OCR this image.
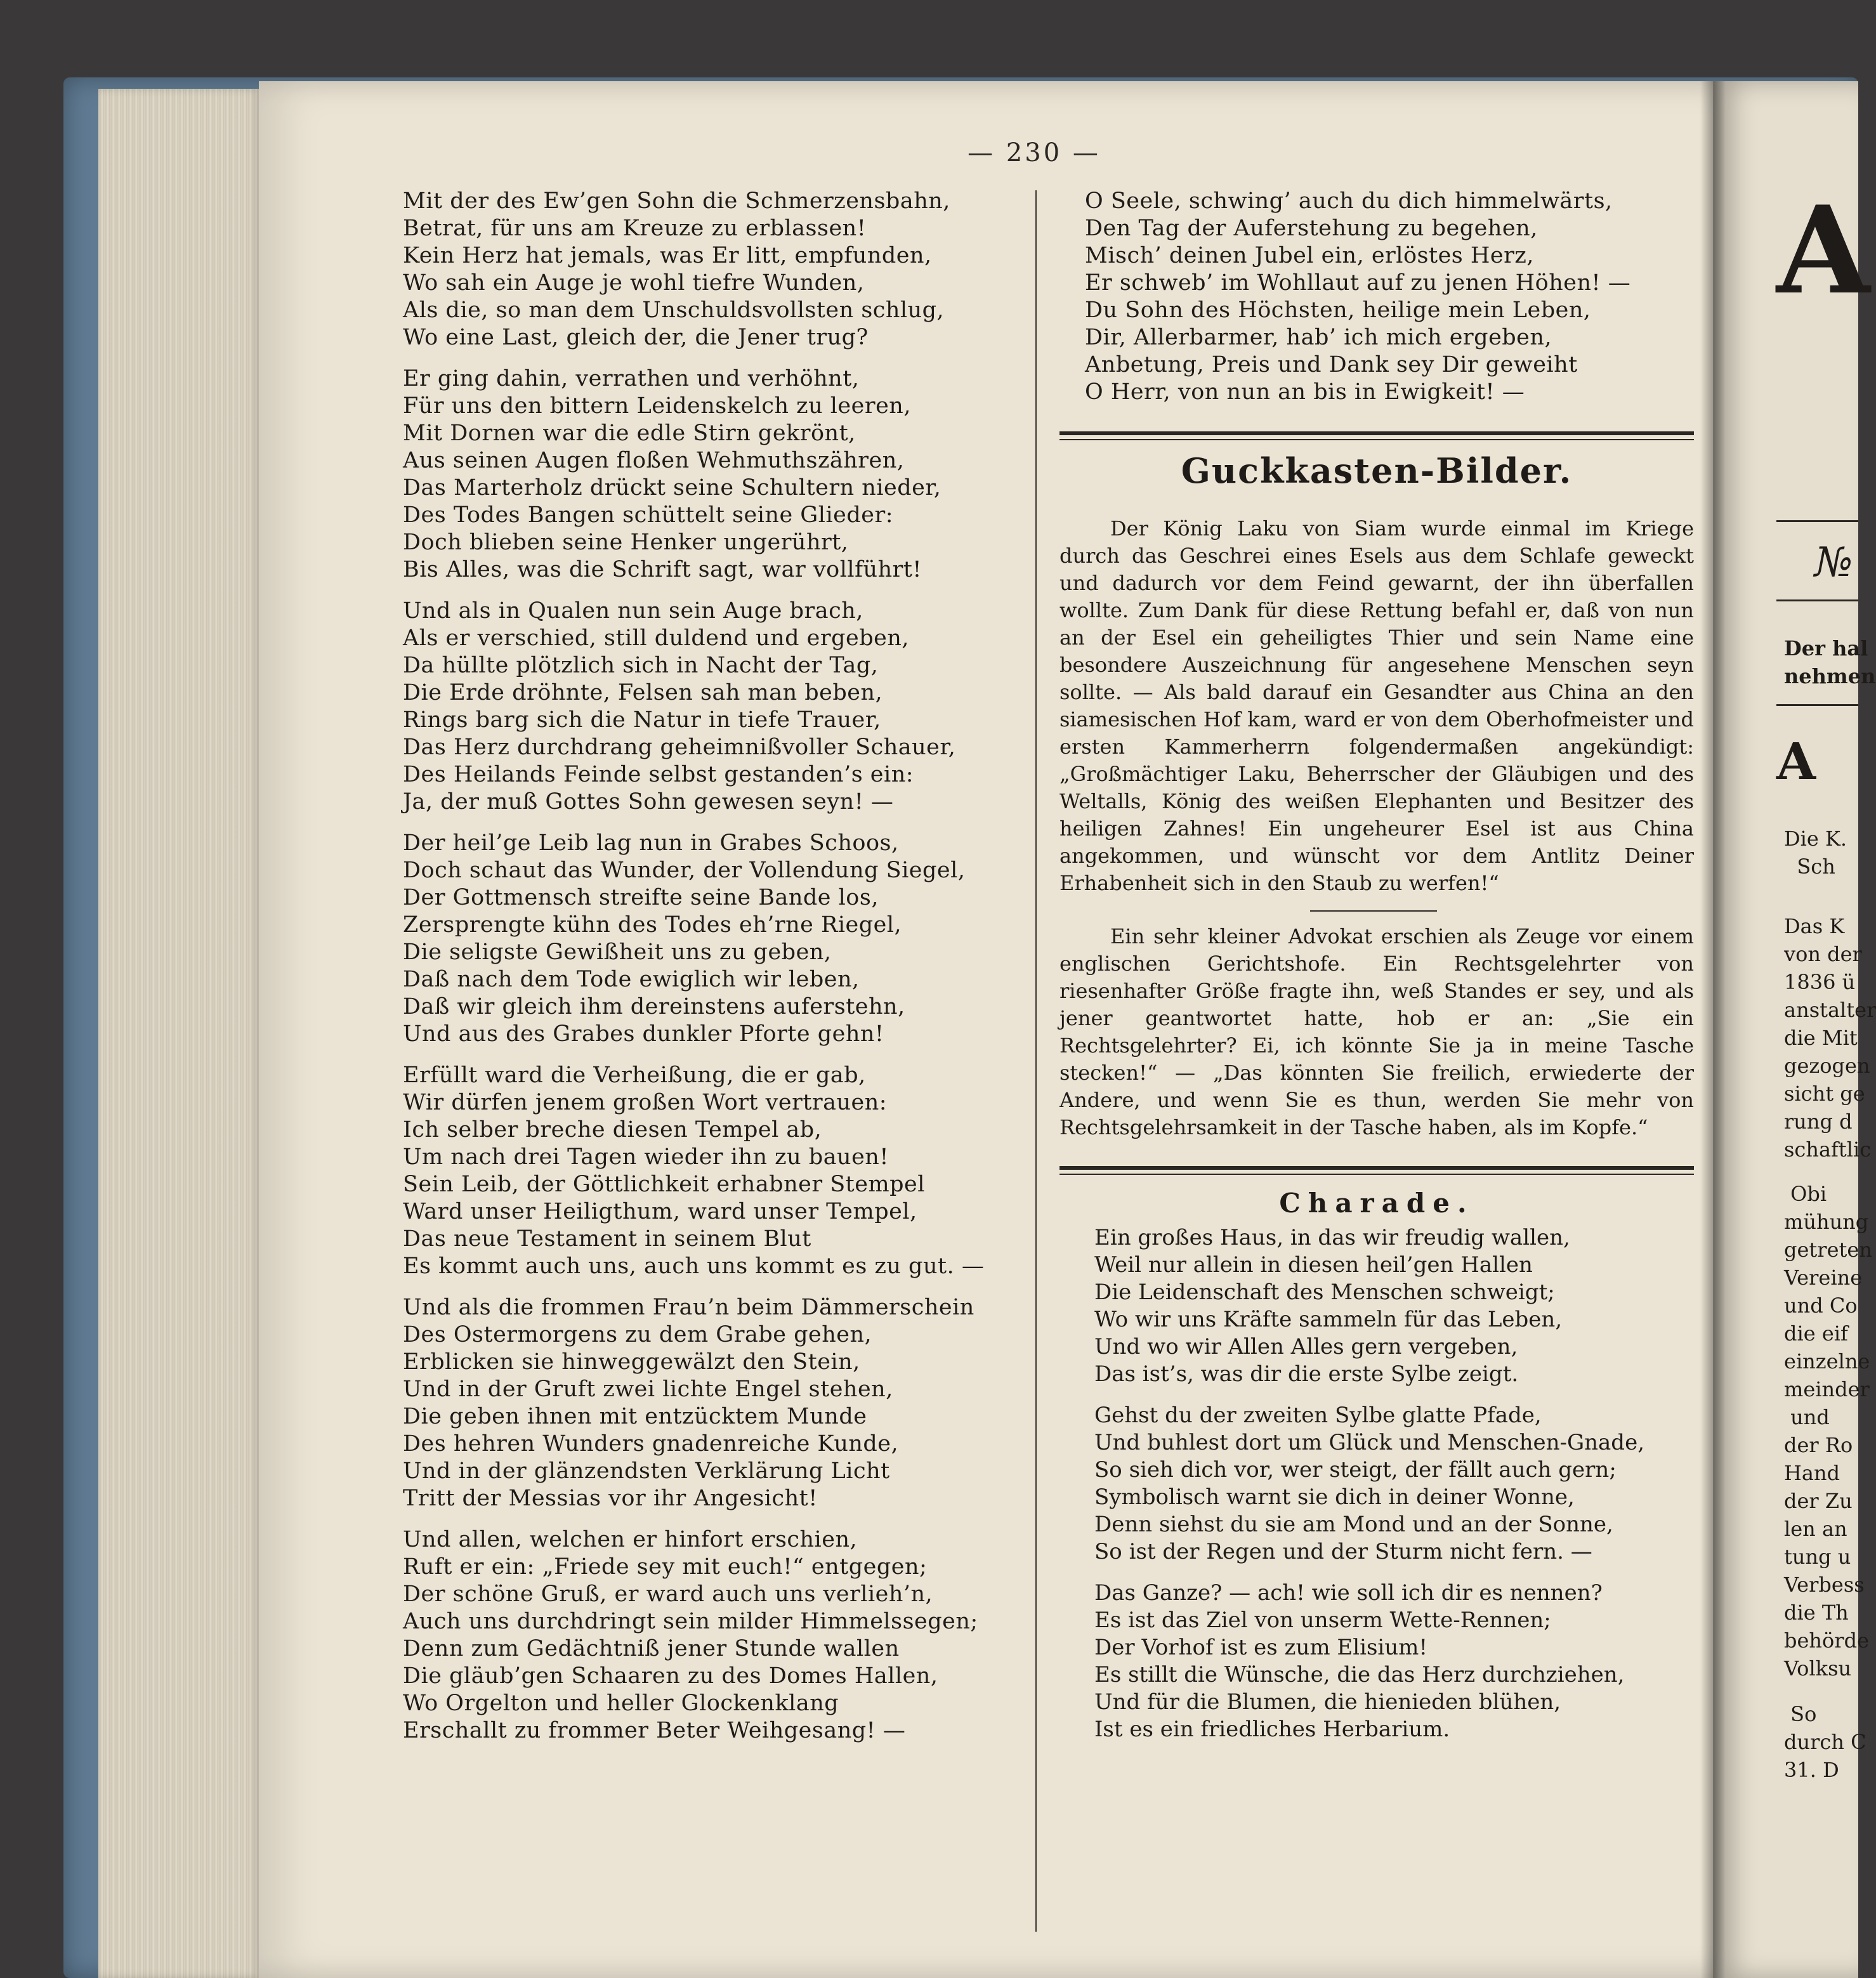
— 230 —
Mit der des Ew’gen Sohn die Schmerzensbahn,
Betrat, für uns am Kreuze zu erblassen!
Kein Herz hat jemals, was Er litt, empfunden,
Wo sah ein Auge je wohl tiefre Wunden,
Als die, so man dem Unschuldsvollsten schlug,
Wo eine Last, gleich der, die Jener trug?
Er ging dahin, verrathen und verhöhnt,
Für uns den bittern Leidenskelch zu leeren,
Mit Dornen war die edle Stirn gekrönt,
Aus seinen Augen floßen Wehmuthszähren,
Das Marterholz drückt seine Schultern nieder,
Des Todes Bangen schüttelt seine Glieder:
Doch blieben seine Henker ungerührt,
Bis Alles, was die Schrift sagt, war vollführt!
Und als in Qualen nun sein Auge brach,
Als er verschied, still duldend und ergeben,
Da hüllte plötzlich sich in Nacht der Tag,
Die Erde dröhnte, Felsen sah man beben,
Rings barg sich die Natur in tiefe Trauer,
Das Herz durchdrang geheimnißvoller Schauer,
Des Heilands Feinde selbst gestanden’s ein:
Ja, der muß Gottes Sohn gewesen seyn! —
Der heil’ge Leib lag nun in Grabes Schoos,
Doch schaut das Wunder, der Vollendung Siegel,
Der Gottmensch streifte seine Bande los,
Zersprengte kühn des Todes eh’rne Riegel,
Die seligste Gewißheit uns zu geben,
Daß nach dem Tode ewiglich wir leben,
Daß wir gleich ihm dereinstens auferstehn,
Und aus des Grabes dunkler Pforte gehn!
Erfüllt ward die Verheißung, die er gab,
Wir dürfen jenem großen Wort vertrauen:
Ich selber breche diesen Tempel ab,
Um nach drei Tagen wieder ihn zu bauen!
Sein Leib, der Göttlichkeit erhabner Stempel
Ward unser Heiligthum, ward unser Tempel,
Das neue Testament in seinem Blut
Es kommt auch uns, auch uns kommt es zu gut. —
Und als die frommen Frau’n beim Dämmerschein
Des Ostermorgens zu dem Grabe gehen,
Erblicken sie hinweggewälzt den Stein,
Und in der Gruft zwei lichte Engel stehen,
Die geben ihnen mit entzücktem Munde
Des hehren Wunders gnadenreiche Kunde,
Und in der glänzendsten Verklärung Licht
Tritt der Messias vor ihr Angesicht!
Und allen, welchen er hinfort erschien,
Ruft er ein: „Friede sey mit euch!“ entgegen;
Der schöne Gruß, er ward auch uns verlieh’n,
Auch uns durchdringt sein milder Himmelssegen;
Denn zum Gedächtniß jener Stunde wallen
Die gläub’gen Schaaren zu des Domes Hallen,
Wo Orgelton und heller Glockenklang
Erschallt zu frommer Beter Weihgesang! —
O Seele, schwing’ auch du dich himmelwärts,
Den Tag der Auferstehung zu begehen,
Misch’ deinen Jubel ein, erlöstes Herz,
Er schweb’ im Wohllaut auf zu jenen Höhen! —
Du Sohn des Höchsten, heilige mein Leben,
Dir, Allerbarmer, hab’ ich mich ergeben,
Anbetung, Preis und Dank sey Dir geweiht
O Herr, von nun an bis in Ewigkeit! —
Guckkasten-Bilder.
Der König Laku von Siam wurde einmal im Kriege durch das Geschrei eines Esels aus dem Schlafe geweckt und dadurch vor dem Feind gewarnt, der ihn überfallen wollte. Zum Dank für diese Rettung befahl er, daß von nun an der Esel ein geheiligtes Thier und sein Name eine besondere Auszeichnung für angesehene Menschen seyn sollte. — Als bald darauf ein Gesandter aus China an den siamesischen Hof kam, ward er von dem Oberhofmeister und ersten Kammerherrn folgendermaßen angekündigt: „Großmächtiger Laku, Beherrscher der Gläubigen und des Weltalls, König des weißen Elephanten und Besitzer des heiligen Zahnes! Ein ungeheurer Esel ist aus China angekommen, und wünscht vor dem Antlitz Deiner Erhabenheit sich in den Staub zu werfen!“
Ein sehr kleiner Advokat erschien als Zeuge vor einem englischen Gerichtshofe. Ein Rechtsgelehrter von riesenhafter Größe fragte ihn, weß Standes er sey, und als jener geantwortet hatte, hob er an: „Sie ein Rechtsgelehrter? Ei, ich könnte Sie ja in meine Tasche stecken!“ — „Das könnten Sie freilich, erwiederte der Andere, und wenn Sie es thun, werden Sie mehr von Rechtsgelehrsamkeit in der Tasche haben, als im Kopfe.“
Charade.
Ein großes Haus, in das wir freudig wallen,
Weil nur allein in diesen heil’gen Hallen
Die Leidenschaft des Menschen schweigt;
Wo wir uns Kräfte sammeln für das Leben,
Und wo wir Allen Alles gern vergeben,
Das ist’s, was dir die erste Sylbe zeigt.
Gehst du der zweiten Sylbe glatte Pfade,
Und buhlest dort um Glück und Menschen-Gnade,
So sieh dich vor, wer steigt, der fällt auch gern;
Symbolisch warnt sie dich in deiner Wonne,
Denn siehst du sie am Mond und an der Sonne,
So ist der Regen und der Sturm nicht fern. —
Das Ganze? — ach! wie soll ich dir es nennen?
Es ist das Ziel von unserm Wette-Rennen;
Der Vorhof ist es zum Elisium!
Es stillt die Wünsche, die das Herz durchziehen,
Und für die Blumen, die hienieden blühen,
Ist es ein friedliches Herbarium.
A
№
Der hal
nehmen
A
Die K.
Sch
Das K
von der
1836 ü
anstalter
die Mit
gezogen
sicht ge
rung d
schaftlic
Obi
mühung
getreten
Vereine
und Co
die eif
einzelne
meinder
und
der Ro
Hand
der Zu
len an
tung u
Verbess
die Th
behörde
Volksu
So
durch C
31. D
